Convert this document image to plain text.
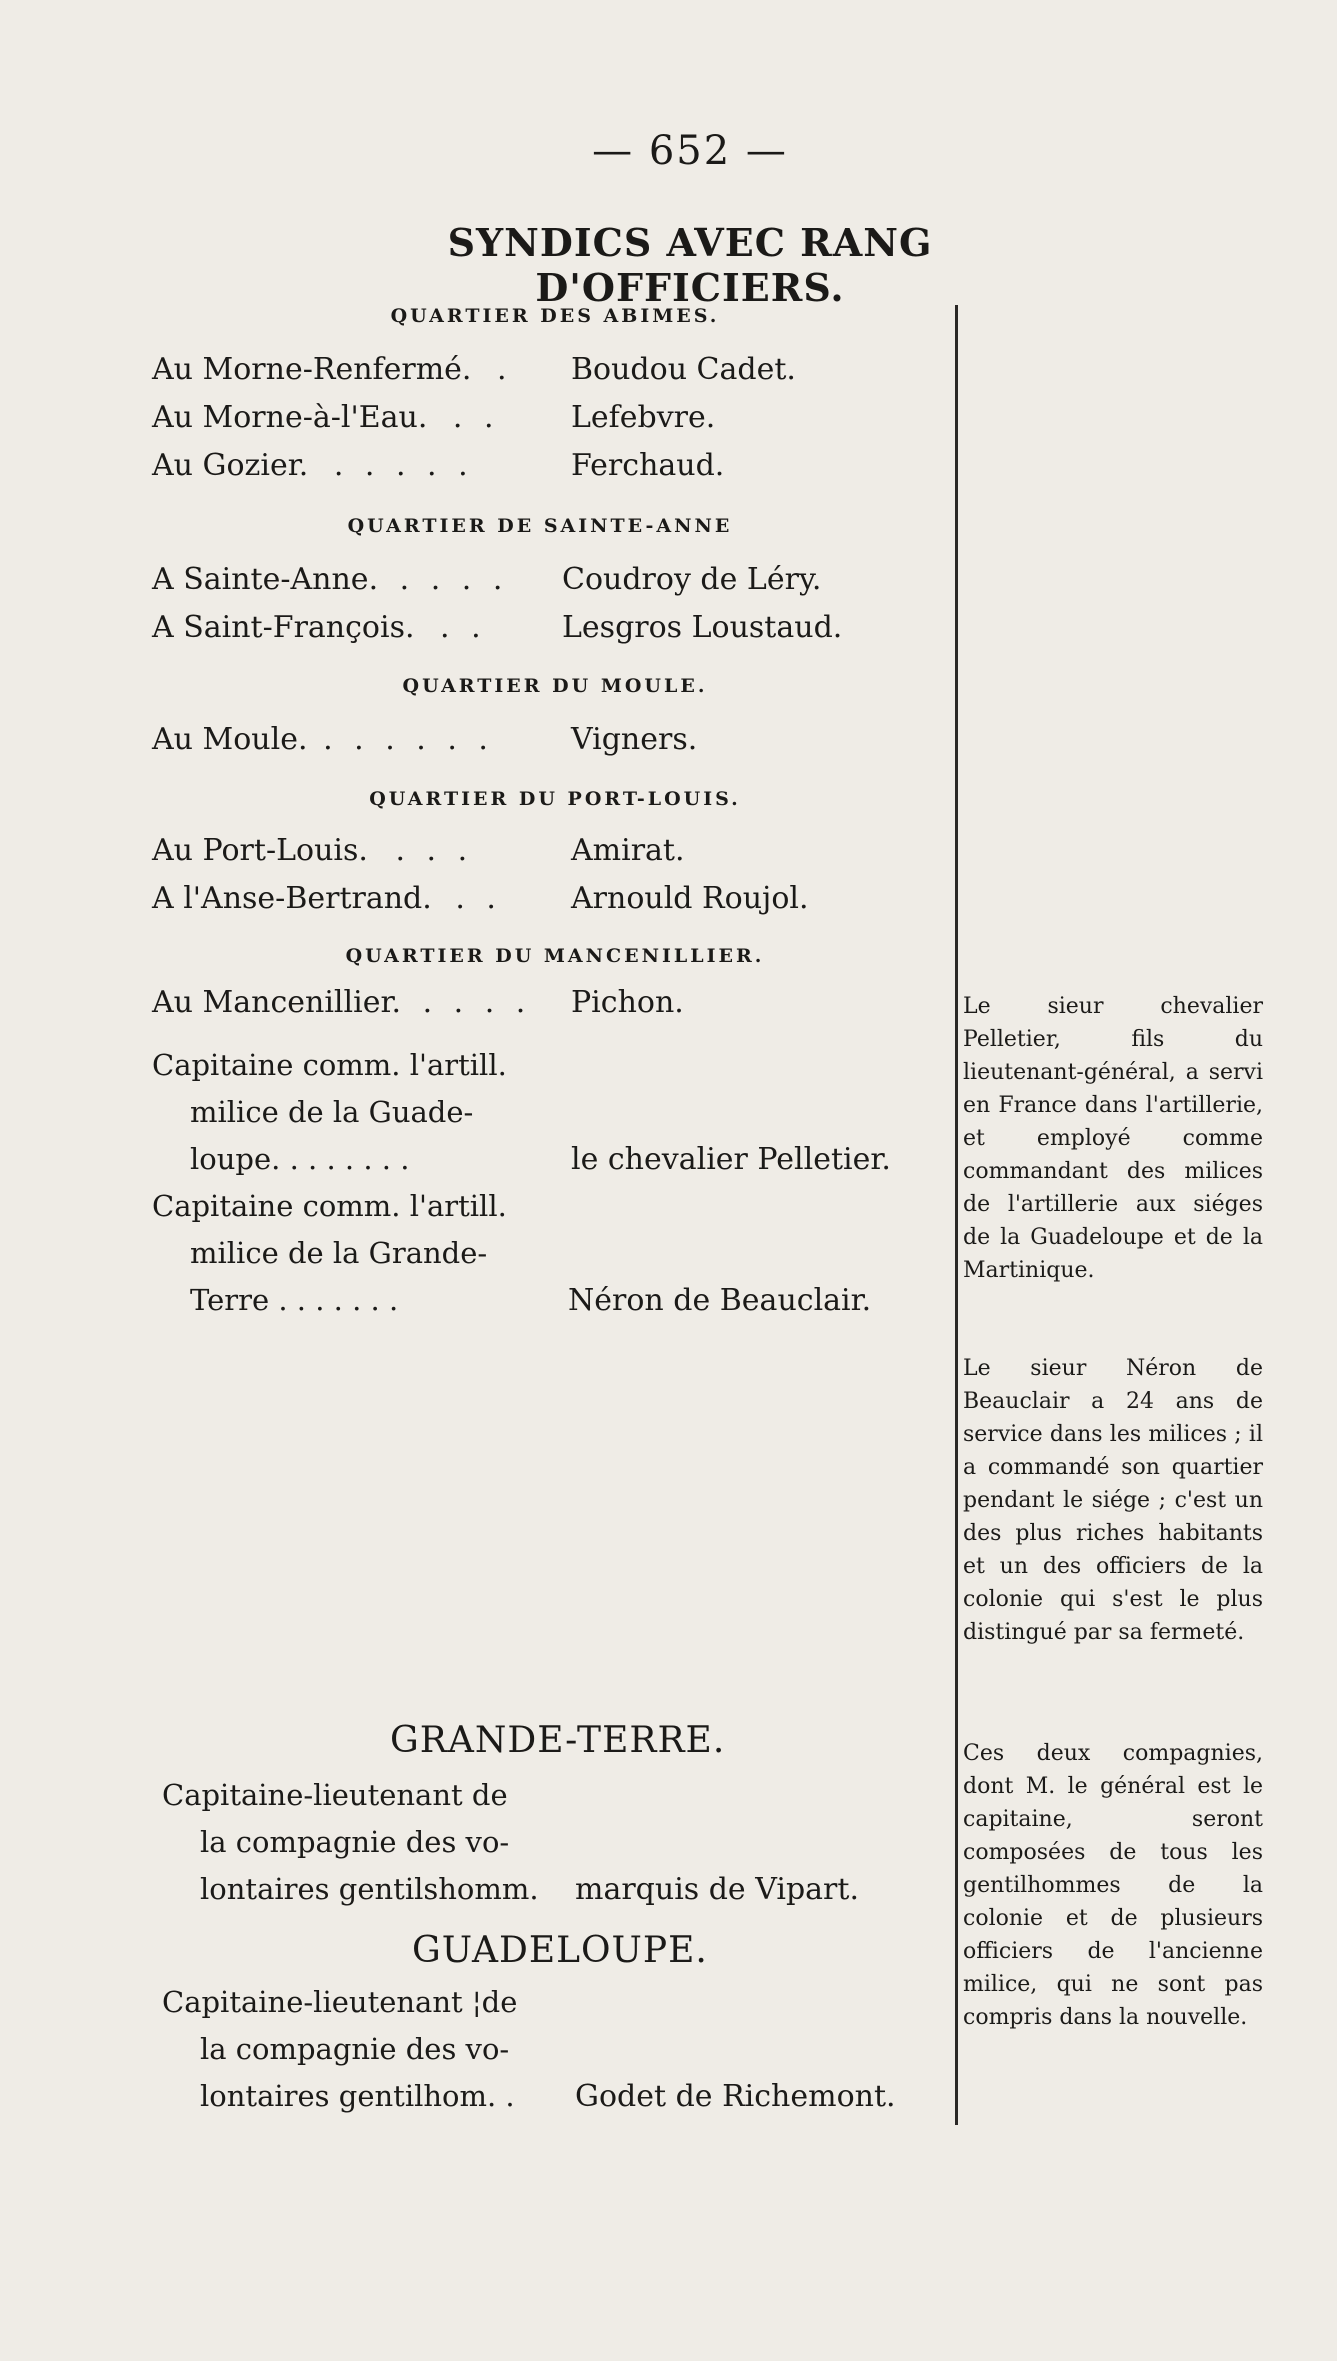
— 652 —
SYNDICS AVEC RANG D'OFFICIERS.
QUARTIER DES ABIMES.
Au Morne-Renfermé. . Boudou Cadet.
Au Morne-à-l'Eau. . . Lefebvre.
Au Gozier. . . . . .	Ferchaud.
QUARTIER DE SAINTE-ANNE
A Sainte-Anne. . . . . Coudroy de Léry.
A Saint-François. . .	Lesgros Loustaud.
QUARTIER DU MOULE.
Au Moule. . . . . . .	Vigners.
QUARTIER DU PORT-LOUIS.
Au Port-Louis. . . .	Amirat.
A l'Anse-Bertrand. . . Arnould Roujol.
QUARTIER DU MANCENILLIER.
Au Mancenillier. . . . . Pichon.
Capitaine comm. l'artill.
milice de la Guade-
loupe. . . . . . . .	le chevalier Pelletier.
Capitaine comm. l'artill.
milice de la Grande-
Terre . . . . . . .	Néron de Beauclair.
GRANDE-TERRE.
Capitaine-lieutenant de
la compagnie des vo-
lontaires gentilshomm. marquis de Vipart.
GUADELOUPE.
Capitaine-lieutenant ¦de
la compagnie des vo-
lontaires gentilhom. . Godet de Richemont.
Le sieur chevalier Pelletier, fils du lieutenant-général, a servi en France dans l'artillerie, et employé comme commandant des milices de l'artillerie aux siéges de la Guadeloupe et de la Martinique.
Le sieur Néron de Beauclair a 24 ans de service dans les milices ; il a commandé son quartier pendant le siége ; c'est un des plus riches habitants et un des officiers de la colonie qui s'est le plus distingué par sa fermeté.
Ces deux compagnies, dont M. le général est le capitaine, seront composées de tous les gentilhommes de la colonie et de plusieurs officiers de l'ancienne milice, qui ne sont pas compris dans la nouvelle.
